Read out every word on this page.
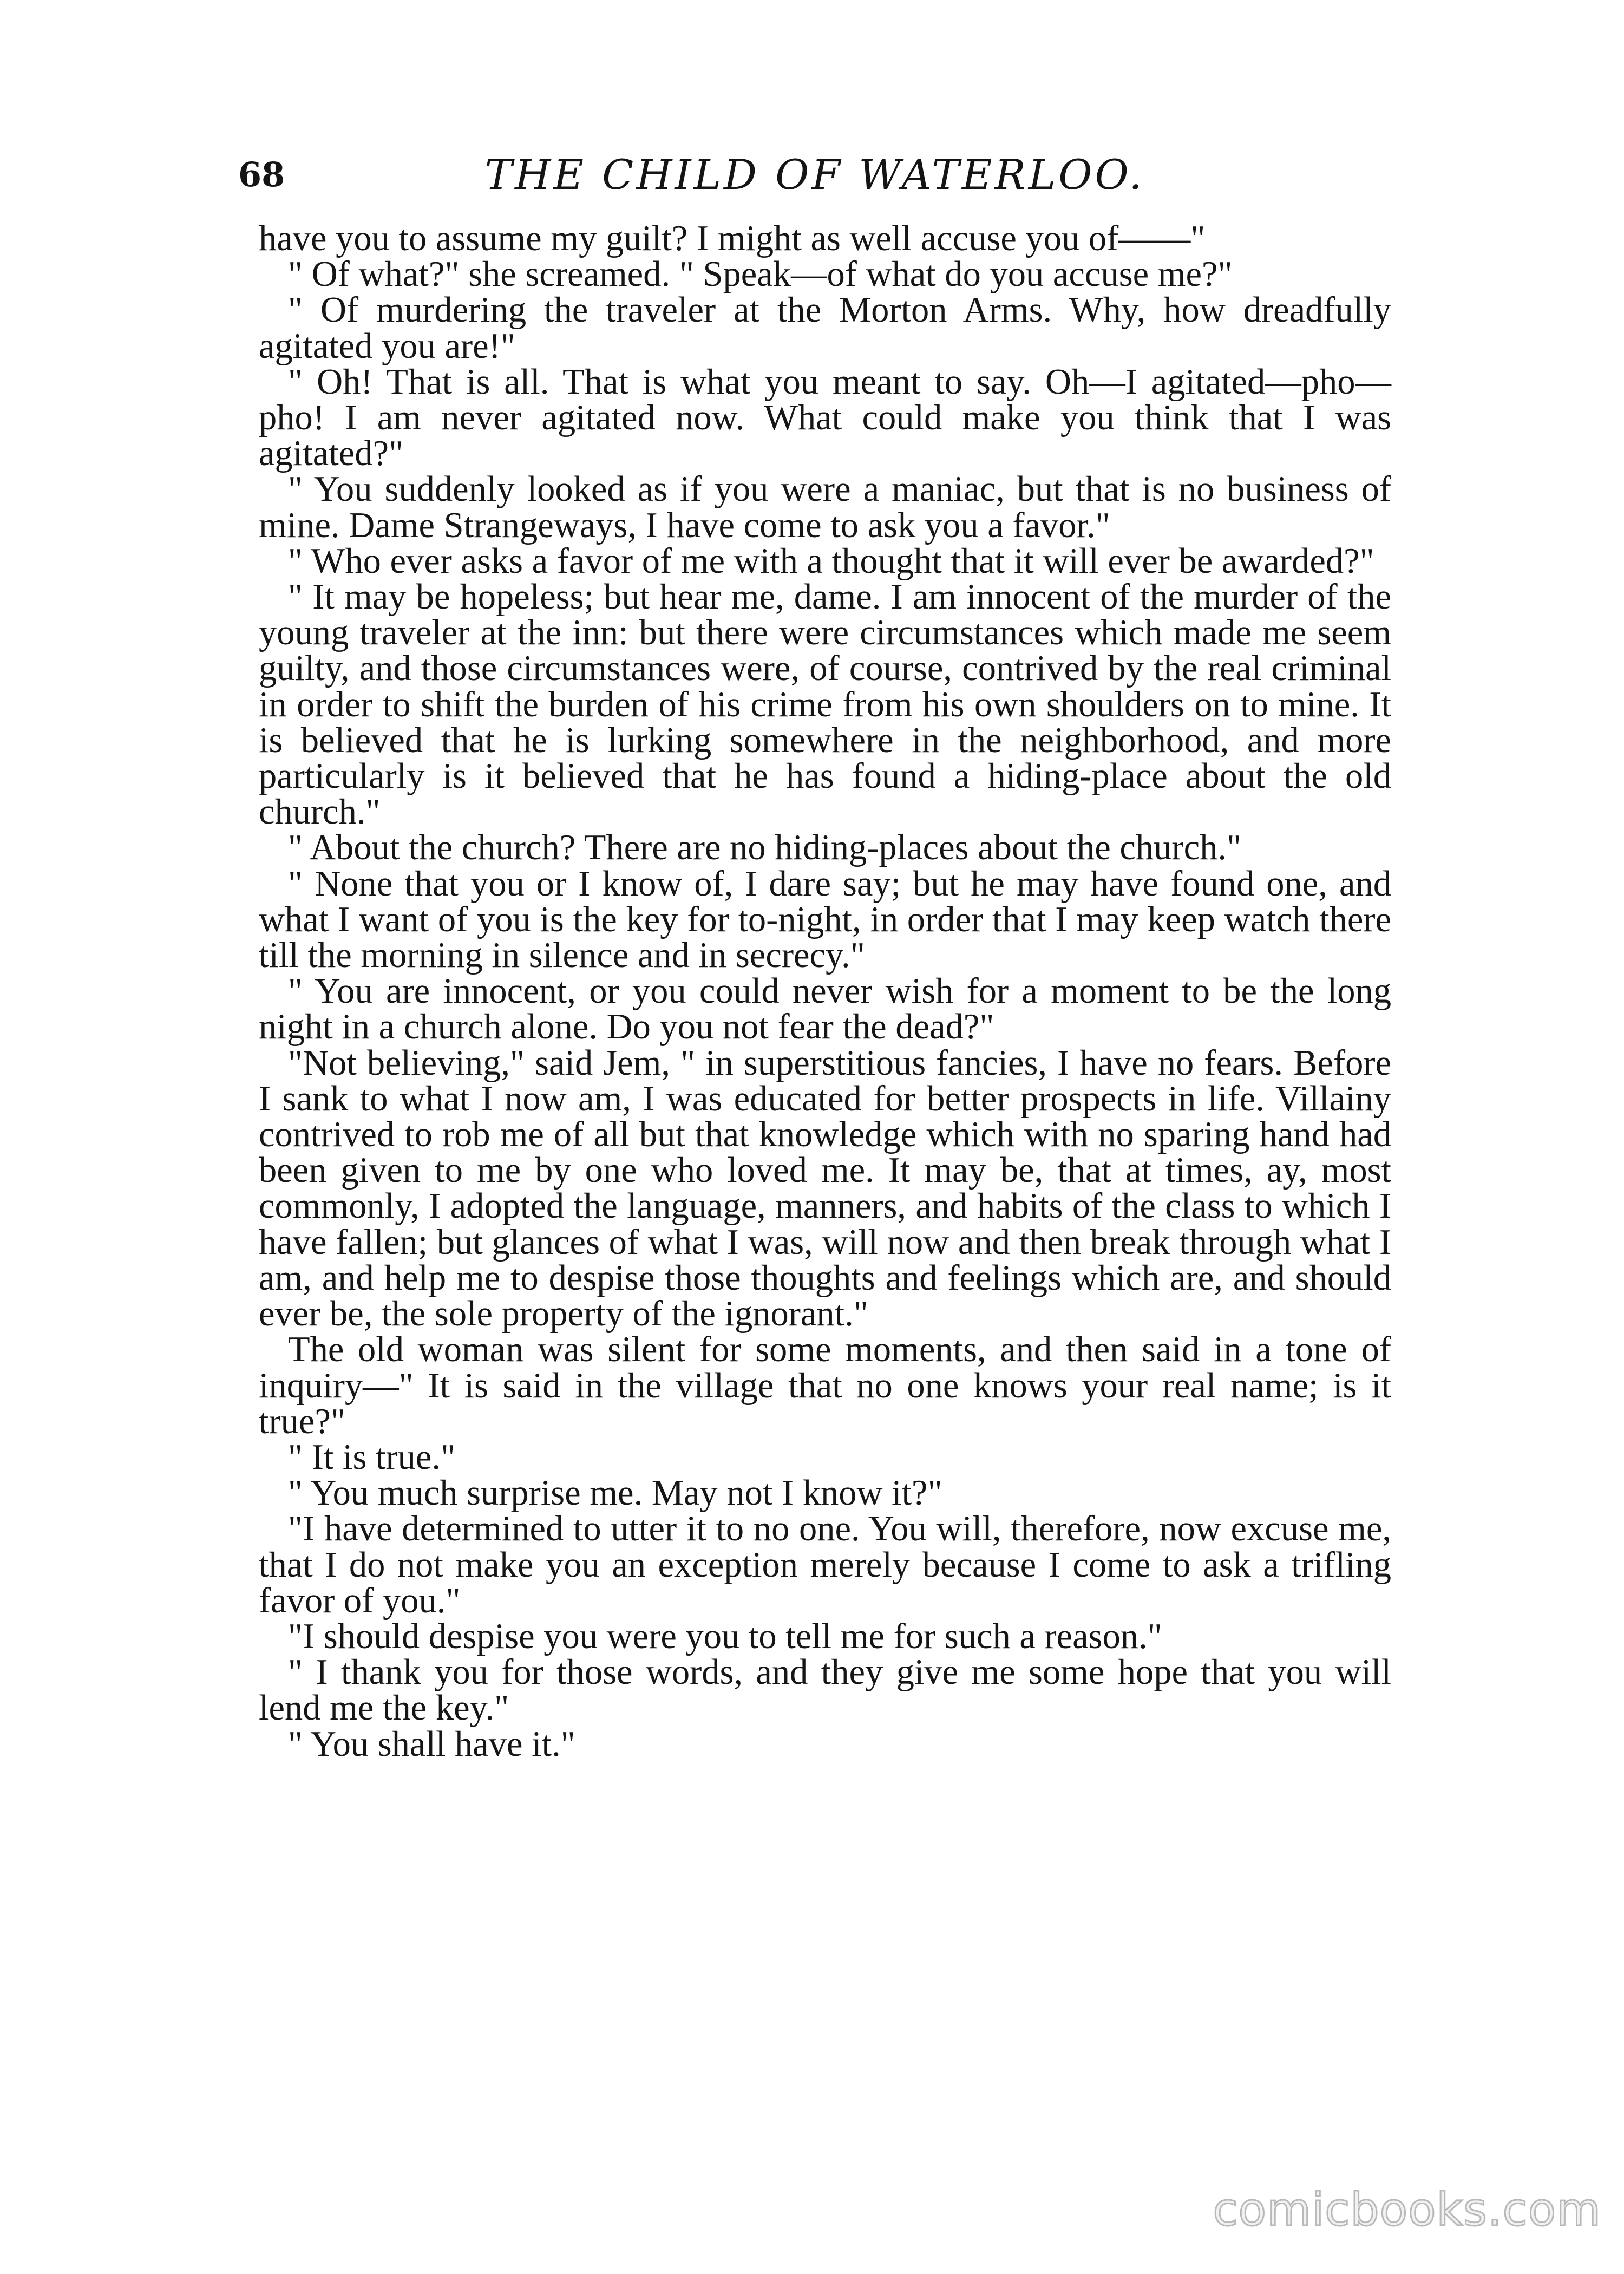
68	THE CHILD OF WATERLOO.

have you to assume my guilt? I might as well accuse you of——"

" Of what?" she screamed. " Speak—of what do you accuse me?"

" Of murdering the traveler at the Morton Arms. Why, how dreadfully agitated you are!"

" Oh! That is all. That is what you meant to say. Oh—I agitated—pho—pho! I am never agitated now. What could make you think that I was agitated?"

" You suddenly looked as if you were a maniac, but that is no business of mine. Dame Strangeways, I have come to ask you a favor."

" Who ever asks a favor of me with a thought that it will ever be awarded?"

" It may be hopeless; but hear me, dame. I am innocent of the murder of the young traveler at the inn: but there were circumstances which made me seem guilty, and those circumstances were, of course, contrived by the real criminal in order to shift the burden of his crime from his own shoulders on to mine. It is believed that he is lurking somewhere in the neighborhood, and more particularly is it believed that he has found a hiding-place about the old church."

" About the church? There are no hiding-places about the church."

" None that you or I know of, I dare say; but he may have found one, and what I want of you is the key for to-night, in order that I may keep watch there till the morning in silence and in secrecy."

" You are innocent, or you could never wish for a moment to be the long night in a church alone. Do you not fear the dead?"

"Not believing," said Jem, " in superstitious fancies, I have no fears. Before I sank to what I now am, I was educated for better prospects in life. Villainy contrived to rob me of all but that knowledge which with no sparing hand had been given to me by one who loved me. It may be, that at times, ay, most commonly, I adopted the language, manners, and habits of the class to which I have fallen; but glances of what I was, will now and then break through what I am, and help me to despise those thoughts and feelings which are, and should ever be, the sole property of the ignorant."

The old woman was silent for some moments, and then said in a tone of inquiry—" It is said in the village that no one knows your real name; is it true?"

" It is true."

" You much surprise me. May not I know it?"

"I have determined to utter it to no one. You will, therefore, now excuse me, that I do not make you an exception merely because I come to ask a trifling favor of you."

"I should despise you were you to tell me for such a reason."

" I thank you for those words, and they give me some hope that you will lend me the key."

" You shall have it."

comicbooks.com
